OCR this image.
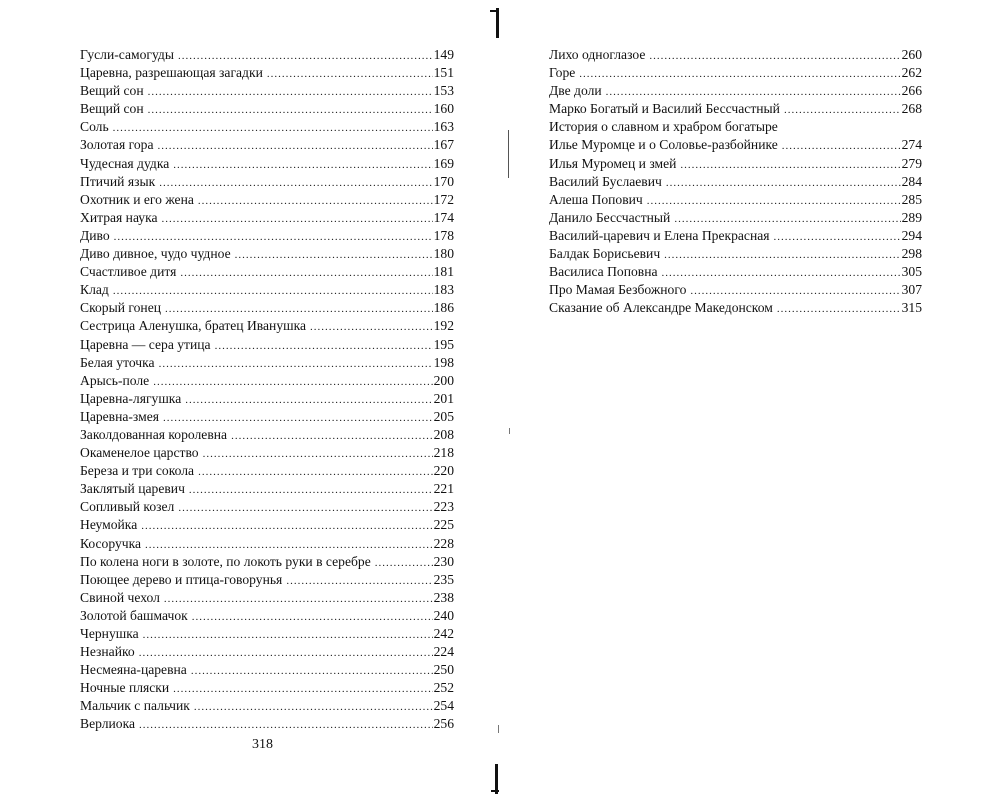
Гусли-самогуды .....	149
Царевна, разрешающая загадки .....	151
Вещий сон .....	153
Вещий сон .....	160
Соль .....	163
Золотая гора .....	167
Чудесная дудка .....	169
Птичий язык .....	170
Охотник и его жена .....	172
Хитрая наука .....	174
Диво .....	178
Диво дивное, чудо чудное .....	180
Счастливое дитя .....	181
Клад .....	183
Скорый гонец .....	186
Сестрица Аленушка, братец Иванушка .....	192
Царевна — сера утица .....	195
Белая уточка .....	198
Арысь-поле .....	200
Царевна-лягушка .....	201
Царевна-змея .....	205
Заколдованная королевна .....	208
Окаменелое царство .....	218
Береза и три сокола .....	220
Заклятый царевич .....	221
Сопливый козел .....	223
Неумойка .....	225
Косоручка .....	228
По колена ноги в золоте, по локоть руки в серебре .....	230
Поющее дерево и птица-говорунья .....	235
Свиной чехол .....	238
Золотой башмачок .....	240
Чернушка .....	242
Незнайко .....	224
Несмеяна-царевна .....	250
Ночные пляски .....	252
Мальчик с пальчик .....	254
Верлиока .....	256
Лихо одноглазое .....	260
Горе .....	262
Две доли .....	266
Марко Богатый и Василий Бессчастный .....	268
История о славном и храбром богатыре
Илье Муромце и о Соловье-разбойнике .....	274
Илья Муромец и змей .....	279
Василий Буслаевич .....	284
Алеша Попович .....	285
Данило Бессчастный .....	289
Василий-царевич и Елена Прекрасная .....	294
Балдак Борисьевич .....	298
Василиса Поповна .....	305
Про Мамая Безбожного .....	307
Сказание об Александре Македонском .....	315
318
